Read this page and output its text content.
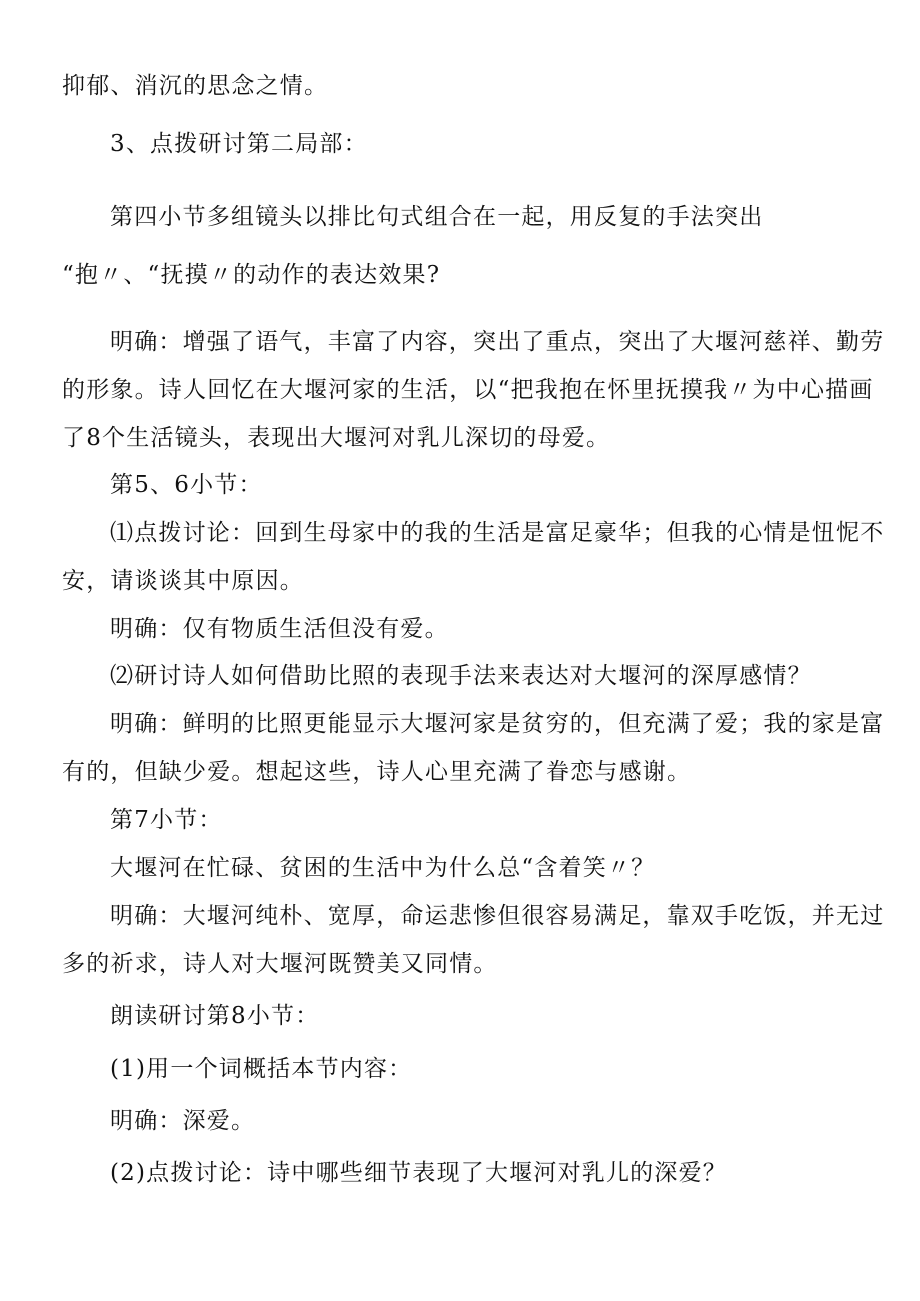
抑郁、消沉的思念之情。
3、点拨研讨第二局部：
第四小节多组镜头以排比句式组合在一起，用反复的手法突出
“抱〃、“抚摸〃的动作的表达效果?
明确：增强了语气，丰富了内容，突出了重点，突出了大堰河慈祥、勤劳
的形象。诗人回忆在大堰河家的生活，以“把我抱在怀里抚摸我〃为中心描画
了8个生活镜头，表现出大堰河对乳儿深切的母爱。
第5、6小节：
⑴点拨讨论：回到生母家中的我的生活是富足豪华；但我的心情是忸怩不
安，请谈谈其中原因。
明确：仅有物质生活但没有爱。
⑵研讨诗人如何借助比照的表现手法来表达对大堰河的深厚感情？
明确：鲜明的比照更能显示大堰河家是贫穷的，但充满了爱；我的家是富
有的，但缺少爱。想起这些，诗人心里充满了眷恋与感谢。
第7小节：
大堰河在忙碌、贫困的生活中为什么总“含着笑〃？
明确：大堰河纯朴、宽厚，命运悲惨但很容易满足，靠双手吃饭，并无过
多的祈求，诗人对大堰河既赞美又同情。
朗读研讨第8小节：
(1)用一个词概括本节内容：
明确：深爱。
(2)点拨讨论：诗中哪些细节表现了大堰河对乳儿的深爱？
